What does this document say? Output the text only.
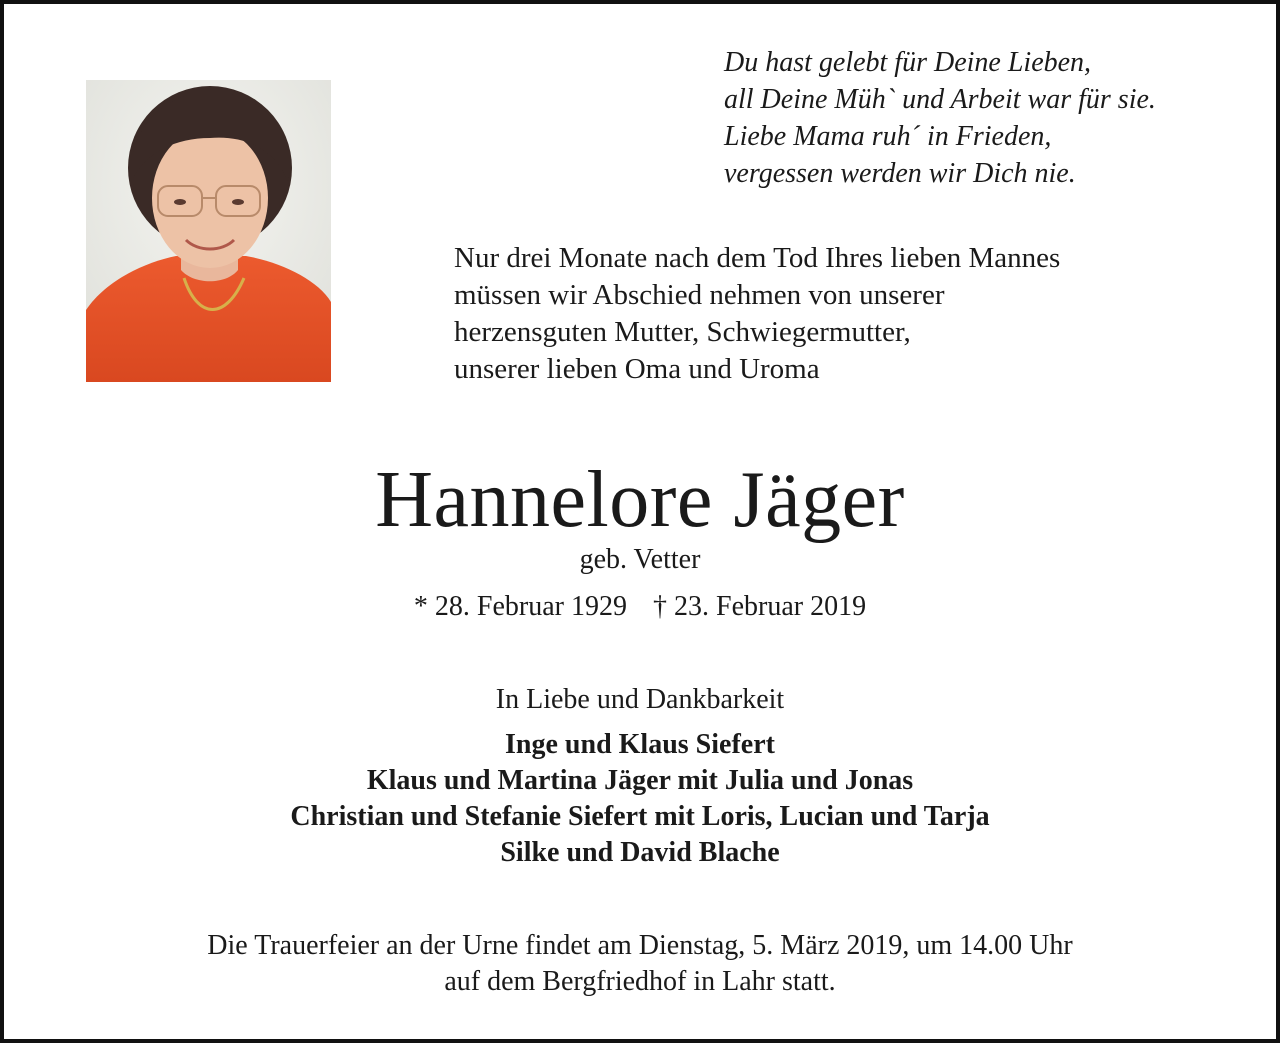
Du hast gelebt für Deine Lieben,
all Deine Müh` und Arbeit war für sie.
Liebe Mama ruh´ in Frieden,
vergessen werden wir Dich nie.
Nur drei Monate nach dem Tod Ihres lieben Mannes
müssen wir Abschied nehmen von unserer
herzensguten Mutter, Schwiegermutter,
unserer lieben Oma und Uroma
Hannelore Jäger
geb. Vetter
* 28. Februar 1929 † 23. Februar 2019
In Liebe und Dankbarkeit
Inge und Klaus Siefert
Klaus und Martina Jäger mit Julia und Jonas
Christian und Stefanie Siefert mit Loris, Lucian und Tarja
Silke und David Blache
Die Trauerfeier an der Urne findet am Dienstag, 5. März 2019, um 14.00 Uhr
auf dem Bergfriedhof in Lahr statt.
